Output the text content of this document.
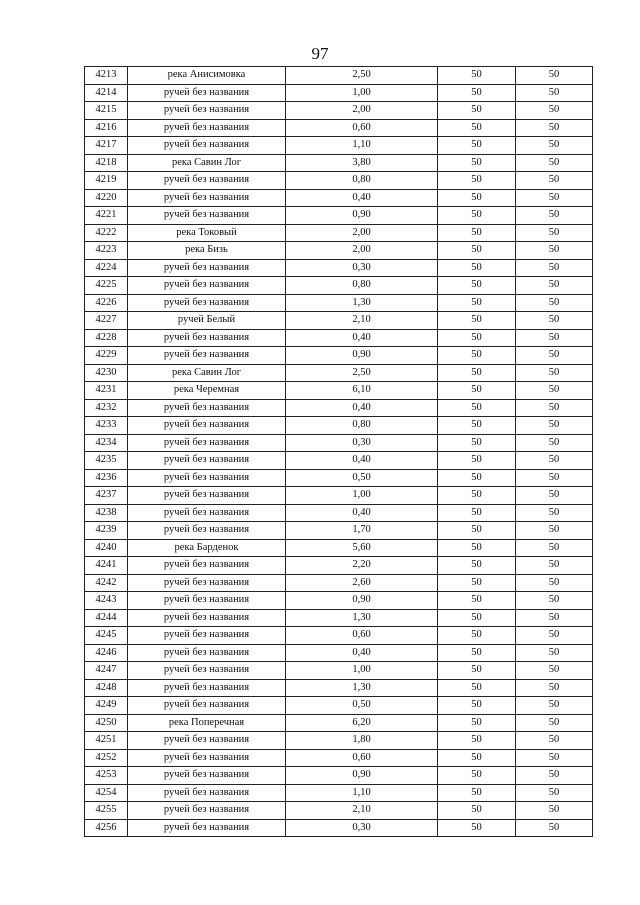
97
4213	река Анисимовка	2,50	50	50
4214	ручей без названия	1,00	50	50
4215	ручей без названия	2,00	50	50
4216	ручей без названия	0,60	50	50
4217	ручей без названия	1,10	50	50
4218	река Савин Лог	3,80	50	50
4219	ручей без названия	0,80	50	50
4220	ручей без названия	0,40	50	50
4221	ручей без названия	0,90	50	50
4222	река Токовый	2,00	50	50
4223	река Бизь	2,00	50	50
4224	ручей без названия	0,30	50	50
4225	ручей без названия	0,80	50	50
4226	ручей без названия	1,30	50	50
4227	ручей Белый	2,10	50	50
4228	ручей без названия	0,40	50	50
4229	ручей без названия	0,90	50	50
4230	река Савин Лог	2,50	50	50
4231	река Черемная	6,10	50	50
4232	ручей без названия	0,40	50	50
4233	ручей без названия	0,80	50	50
4234	ручей без названия	0,30	50	50
4235	ручей без названия	0,40	50	50
4236	ручей без названия	0,50	50	50
4237	ручей без названия	1,00	50	50
4238	ручей без названия	0,40	50	50
4239	ручей без названия	1,70	50	50
4240	река Барденок	5,60	50	50
4241	ручей без названия	2,20	50	50
4242	ручей без названия	2,60	50	50
4243	ручей без названия	0,90	50	50
4244	ручей без названия	1,30	50	50
4245	ручей без названия	0,60	50	50
4246	ручей без названия	0,40	50	50
4247	ручей без названия	1,00	50	50
4248	ручей без названия	1,30	50	50
4249	ручей без названия	0,50	50	50
4250	река Поперечная	6,20	50	50
4251	ручей без названия	1,80	50	50
4252	ручей без названия	0,60	50	50
4253	ручей без названия	0,90	50	50
4254	ручей без названия	1,10	50	50
4255	ручей без названия	2,10	50	50
4256	ручей без названия	0,30	50	50
